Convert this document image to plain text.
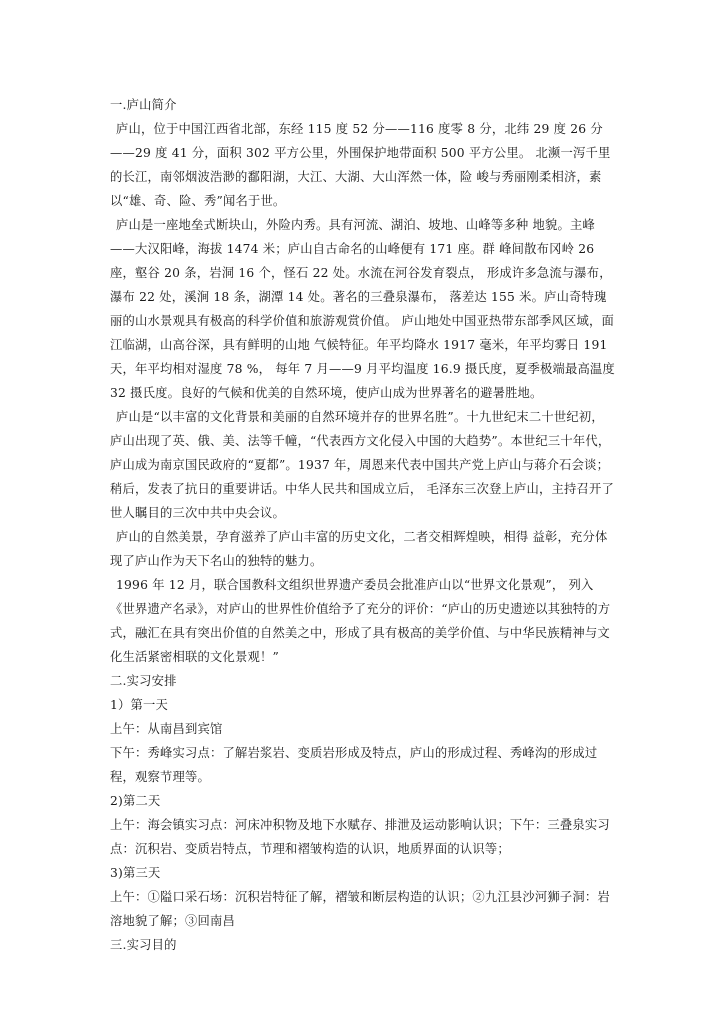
一.庐山简介

庐山，位于中国江西省北部，东经 115 度 52 分——116 度零 8 分，北纬 29 度 26 分——29 度 41 分，面积 302 平方公里，外围保护地带面积 500 平方公里。 北濒一泻千里的长江，南邻烟波浩渺的鄱阳湖，大江、大湖、大山浑然一体，险 峻与秀丽刚柔相济，素以“雄、奇、险、秀”闻名于世。

庐山是一座地垒式断块山，外险内秀。具有河流、湖泊、坡地、山峰等多种 地貌。主峰——大汉阳峰，海拔 1474 米；庐山自古命名的山峰便有 171 座。群 峰间散布冈岭 26 座，壑谷 20 条，岩洞 16 个，怪石 22 处。水流在河谷发育裂点， 形成许多急流与瀑布，瀑布 22 处，溪涧 18 条，湖潭 14 处。著名的三叠泉瀑布， 落差达 155 米。庐山奇特瑰丽的山水景观具有极高的科学价值和旅游观赏价值。 庐山地处中国亚热带东部季风区域，面江临湖，山高谷深，具有鲜明的山地 气候特征。年平均降水 1917 毫米，年平均雾日 191 天，年平均相对湿度 78 %， 每年 7 月——9 月平均温度 16.9 摄氏度，夏季极端最高温度 32 摄氏度。良好的气候和优美的自然环境，使庐山成为世界著名的避暑胜地。

庐山是“以丰富的文化背景和美丽的自然环境并存的世界名胜”。十九世纪末二十世纪初，庐山出现了英、俄、美、法等千幢，“代表西方文化侵入中国的大趋势”。本世纪三十年代，庐山成为南京国民政府的“夏都”。1937 年，周恩来代表中国共产党上庐山与蒋介石会谈；稍后，发表了抗日的重要讲话。中华人民共和国成立后， 毛泽东三次登上庐山，主持召开了世人瞩目的三次中共中央会议。

庐山的自然美景，孕育滋养了庐山丰富的历史文化，二者交相辉煌映，相得 益彰，充分体现了庐山作为天下名山的独特的魅力。

1996 年 12 月，联合国教科文组织世界遗产委员会批准庐山以“世界文化景观”， 列入《世界遗产名录》，对庐山的世界性价值给予了充分的评价：“庐山的历史遗迹以其独特的方式，融汇在具有突出价值的自然美之中，形成了具有极高的美学价值、与中华民族精神与文化生活紧密相联的文化景观！”

二.实习安排

1）第一天

上午：从南昌到宾馆

下午：秀峰实习点：了解岩浆岩、变质岩形成及特点，庐山的形成过程、秀峰沟的形成过程，观察节理等。

2)第二天

上午：海会镇实习点：河床冲积物及地下水赋存、排泄及运动影响认识；下午：三叠泉实习点：沉积岩、变质岩特点，节理和褶皱构造的认识，地质界面的认识等；

3)第三天

上午：①隘口采石场：沉积岩特征了解，褶皱和断层构造的认识；②九江县沙河狮子洞：岩溶地貌了解；③回南昌

三.实习目的
